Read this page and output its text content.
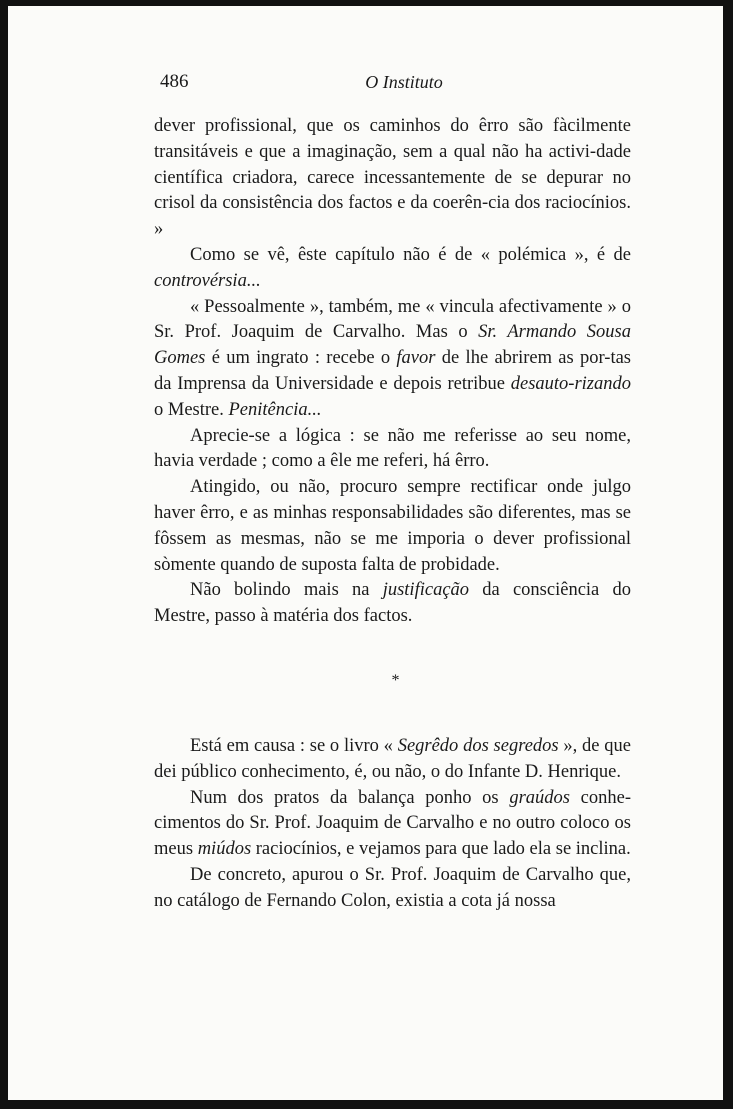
486	O Instituto

dever profissional, que os caminhos do êrro são fàcilmente transitáveis e que a imaginação, sem a qual não ha activi-dade científica criadora, carece incessantemente de se depurar no crisol da consistência dos factos e da coerên-cia dos raciocínios. »

Como se vê, êste capítulo não é de « polémica », é de controvérsia...

« Pessoalmente », também, me « vincula afectivamente » o Sr. Prof. Joaquim de Carvalho. Mas o Sr. Armando Sousa Gomes é um ingrato : recebe o favor de lhe abrirem as por-tas da Imprensa da Universidade e depois retribue desauto-rizando o Mestre. Penitência...

Aprecie-se a lógica : se não me referisse ao seu nome, havia verdade ; como a êle me referi, há êrro.

Atingido, ou não, procuro sempre rectificar onde julgo haver êrro, e as minhas responsabilidades são diferentes, mas se fôssem as mesmas, não se me imporia o dever profissional sòmente quando de suposta falta de probidade.

Não bolindo mais na justificação da consciência do Mestre, passo à matéria dos factos.

*

Está em causa : se o livro « Segrêdo dos segredos », de que dei público conhecimento, é, ou não, o do Infante D. Henrique.

Num dos pratos da balança ponho os graúdos conhe-cimentos do Sr. Prof. Joaquim de Carvalho e no outro coloco os meus miúdos raciocínios, e vejamos para que lado ela se inclina.

De concreto, apurou o Sr. Prof. Joaquim de Carvalho que, no catálogo de Fernando Colon, existia a cota já nossa
